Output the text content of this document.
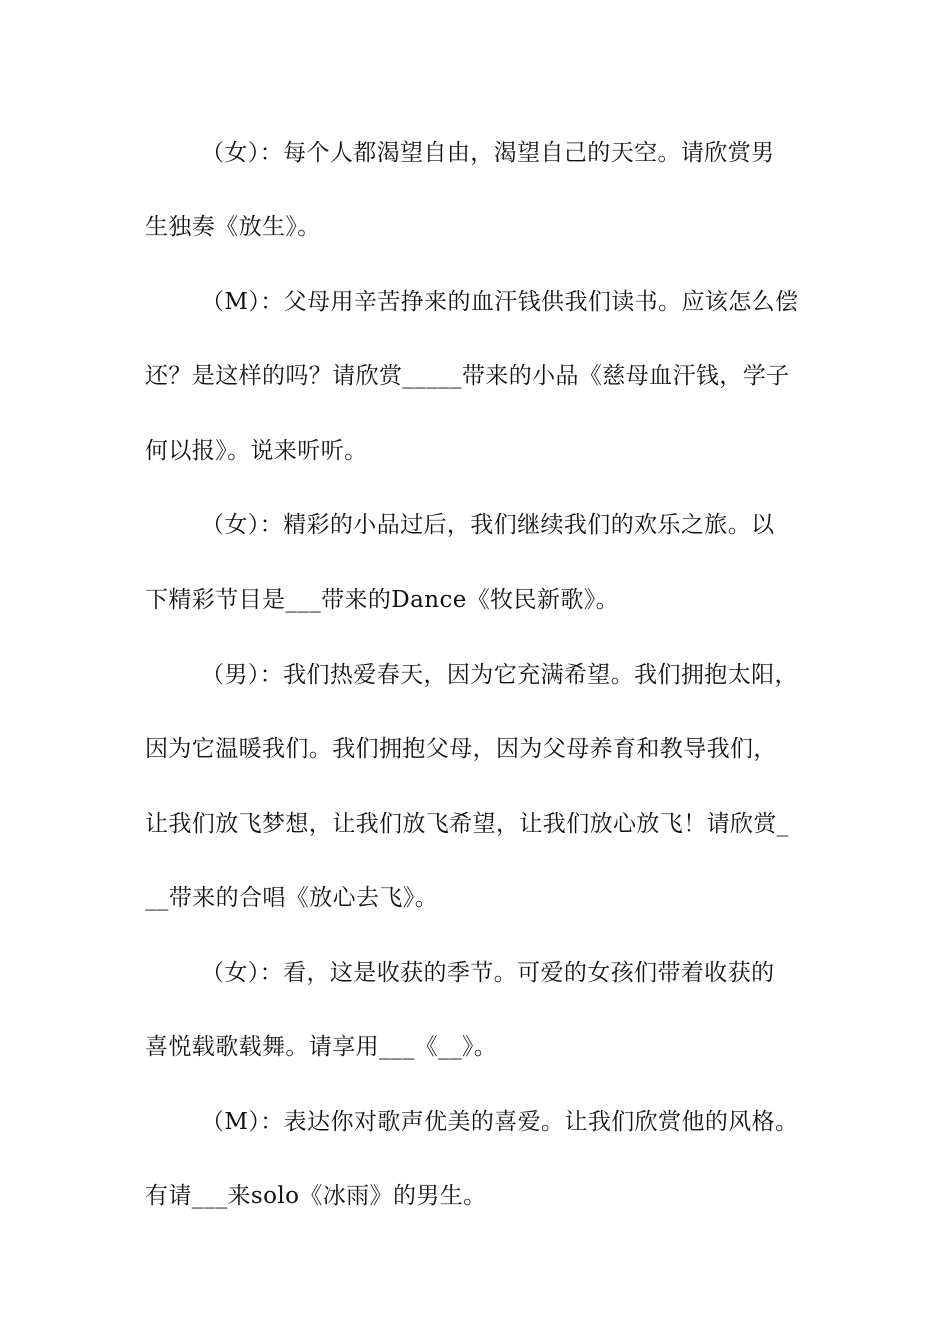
（女）：每个人都渴望自由，渴望自己的天空。请欣赏男

生独奏《放生》。

（M）：父母用辛苦挣来的血汗钱供我们读书。应该怎么偿

还？是这样的吗？请欣赏_____带来的小品《慈母血汗钱，学子

何以报》。说来听听。

（女）：精彩的小品过后，我们继续我们的欢乐之旅。以

下精彩节目是___带来的Dance《牧民新歌》。

（男）：我们热爱春天，因为它充满希望。我们拥抱太阳，

因为它温暖我们。我们拥抱父母，因为父母养育和教导我们，

让我们放飞梦想，让我们放飞希望，让我们放心放飞！请欣赏_

__带来的合唱《放心去飞》。

（女）：看，这是收获的季节。可爱的女孩们带着收获的

喜悦载歌载舞。请享用___《__》。

（M）：表达你对歌声优美的喜爱。让我们欣赏他的风格。

有请___来solo《冰雨》的男生。
